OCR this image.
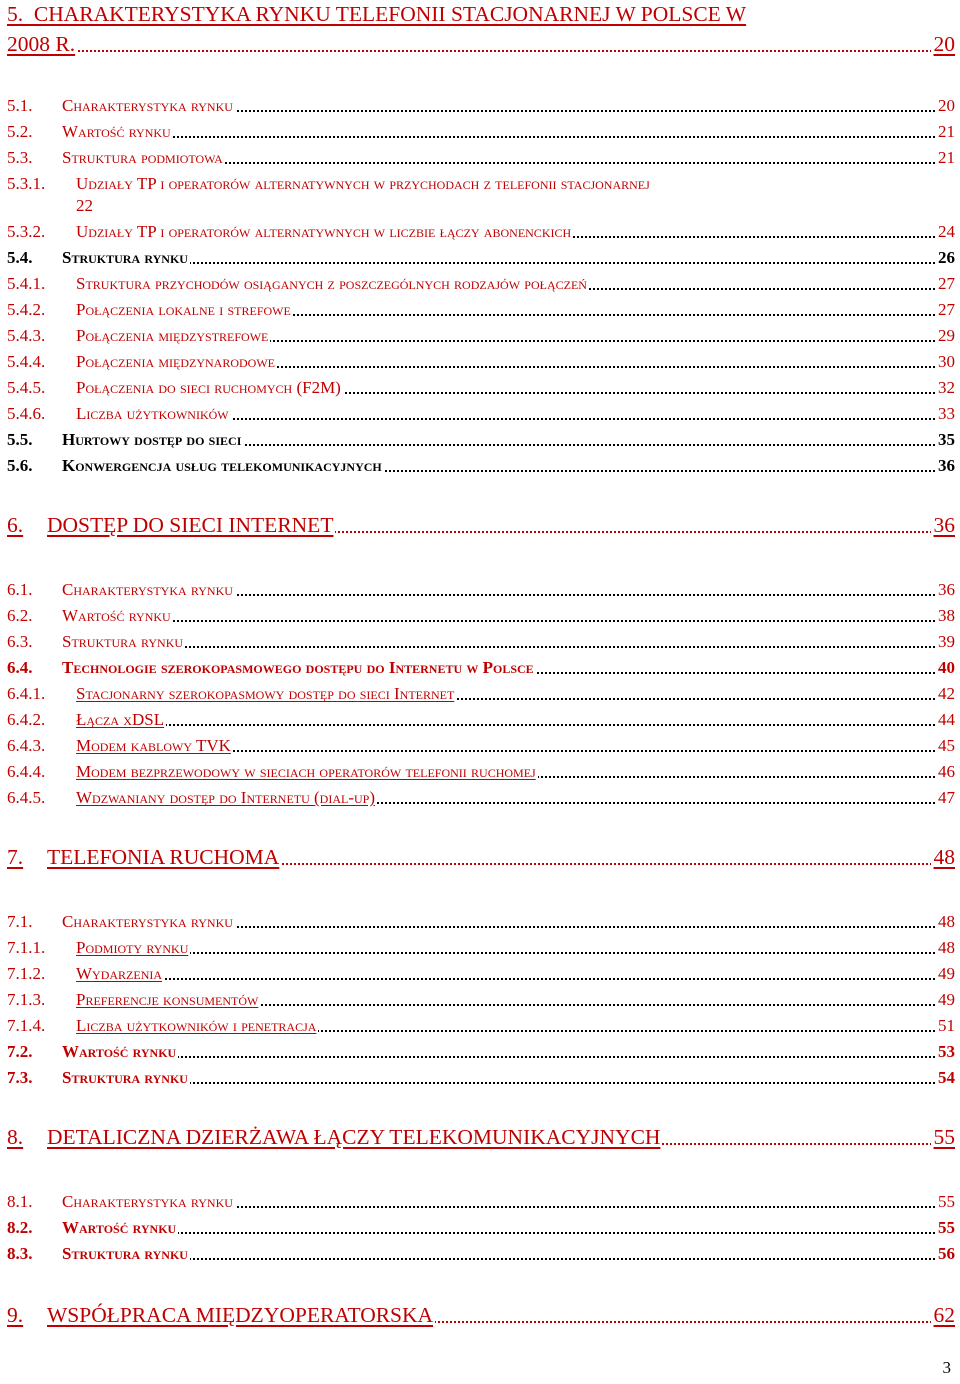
5.  CHARAKTERYSTYKA RYNKU TELEFONII STACJONARNEJ W POLSCE W
2008 R.	20
5.1. Charakterystyka rynku	20
5.2. Wartość rynku	21
5.3. Struktura podmiotowa	21
5.3.1. Udziały TP i operatorów alternatywnych w przychodach z telefonii stacjonarnej
22
5.3.2. Udziały TP i operatorów alternatywnych w liczbie łączy abonenckich	24
5.4. Struktura rynku	26
5.4.1. Struktura przychodów osiąganych z poszczególnych rodzajów połączeń	27
5.4.2. Połączenia lokalne i strefowe	27
5.4.3. Połączenia międzystrefowe	29
5.4.4. Połączenia międzynarodowe	30
5.4.5. Połączenia do sieci ruchomych (F2M)	32
5.4.6. Liczba użytkowników	33
5.5. Hurtowy dostęp do sieci	35
5.6. Konwergencja usług telekomunikacyjnych	36
6. DOSTĘP DO SIECI INTERNET	36
6.1. Charakterystyka rynku	36
6.2. Wartość rynku	38
6.3. Struktura rynku	39
6.4. Technologie szerokopasmowego dostępu do Internetu w Polsce	40
6.4.1. Stacjonarny szerokopasmowy dostęp do sieci Internet	42
6.4.2. Łącza xDSL	44
6.4.3. Modem kablowy TVK	45
6.4.4. Modem bezprzewodowy w sieciach operatorów telefonii ruchomej	46
6.4.5. Wdzwaniany dostęp do Internetu (dial-up)	47
7. TELEFONIA RUCHOMA	48
7.1. Charakterystyka rynku	48
7.1.1. Podmioty rynku	48
7.1.2. Wydarzenia	49
7.1.3. Preferencje konsumentów	49
7.1.4. Liczba użytkowników i penetracja	51
7.2. Wartość rynku	53
7.3. Struktura rynku	54
8. DETALICZNA DZIERŻAWA ŁĄCZY TELEKOMUNIKACYJNYCH	55
8.1. Charakterystyka rynku	55
8.2. Wartość rynku	55
8.3. Struktura rynku	56
9. WSPÓŁPRACA MIĘDZYOPERATORSKA	62
3
